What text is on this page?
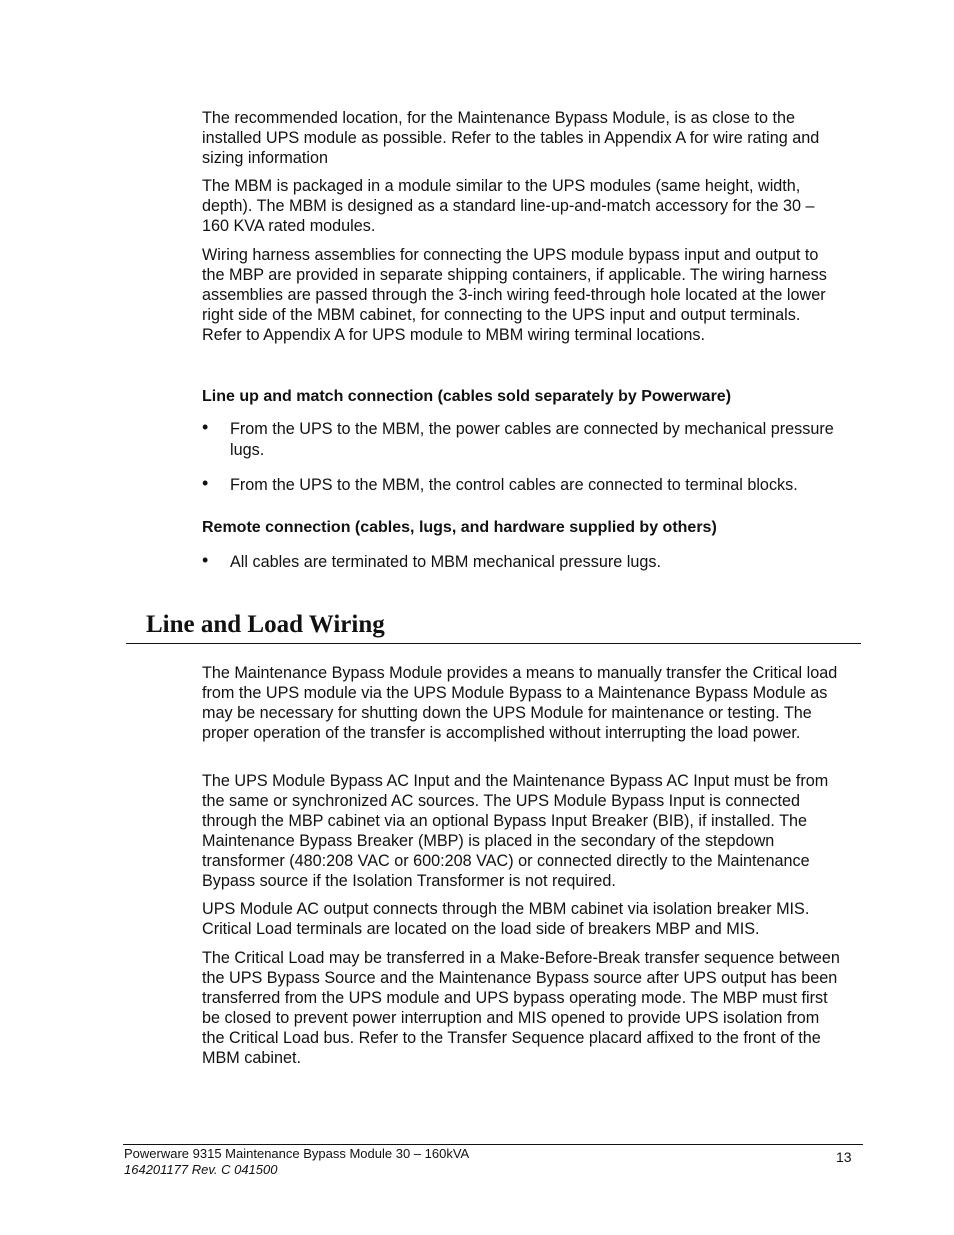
The recommended location, for the Maintenance Bypass Module, is as close to the installed UPS module as possible. Refer to the tables in Appendix A for wire rating and sizing information

The MBM is packaged in a module similar to the UPS modules (same height, width, depth). The MBM is designed as a standard line-up-and-match accessory for the 30 – 160 KVA rated modules.

Wiring harness assemblies for connecting the UPS module bypass input and output to the MBP are provided in separate shipping containers, if applicable. The wiring harness assemblies are passed through the 3-inch wiring feed-through hole located at the lower right side of the MBM cabinet, for connecting to the UPS input and output terminals. Refer to Appendix A for UPS module to MBM wiring terminal locations.

Line up and match connection (cables sold separately by Powerware)
• From the UPS to the MBM, the power cables are connected by mechanical pressure lugs.
• From the UPS to the MBM, the control cables are connected to terminal blocks.
Remote connection (cables, lugs, and hardware supplied by others)
• All cables are terminated to MBM mechanical pressure lugs.
Line and Load Wiring

The Maintenance Bypass Module provides a means to manually transfer the Critical load from the UPS module via the UPS Module Bypass to a Maintenance Bypass Module as may be necessary for shutting down the UPS Module for maintenance or testing. The proper operation of the transfer is accomplished without interrupting the load power.

The UPS Module Bypass AC Input and the Maintenance Bypass AC Input must be from the same or synchronized AC sources. The UPS Module Bypass Input is connected through the MBP cabinet via an optional Bypass Input Breaker (BIB), if installed. The Maintenance Bypass Breaker (MBP) is placed in the secondary of the stepdown transformer (480:208 VAC or 600:208 VAC) or connected directly to the Maintenance Bypass source if the Isolation Transformer is not required.

UPS Module AC output connects through the MBM cabinet via isolation breaker MIS. Critical Load terminals are located on the load side of breakers MBP and MIS.

The Critical Load may be transferred in a Make-Before-Break transfer sequence between the UPS Bypass Source and the Maintenance Bypass source after UPS output has been transferred from the UPS module and UPS bypass operating mode. The MBP must first be closed to prevent power interruption and MIS opened to provide UPS isolation from the Critical Load bus. Refer to the Transfer Sequence placard affixed to the front of the MBM cabinet.

Powerware 9315 Maintenance Bypass Module 30 – 160kVA
164201177 Rev. C 041500
13
